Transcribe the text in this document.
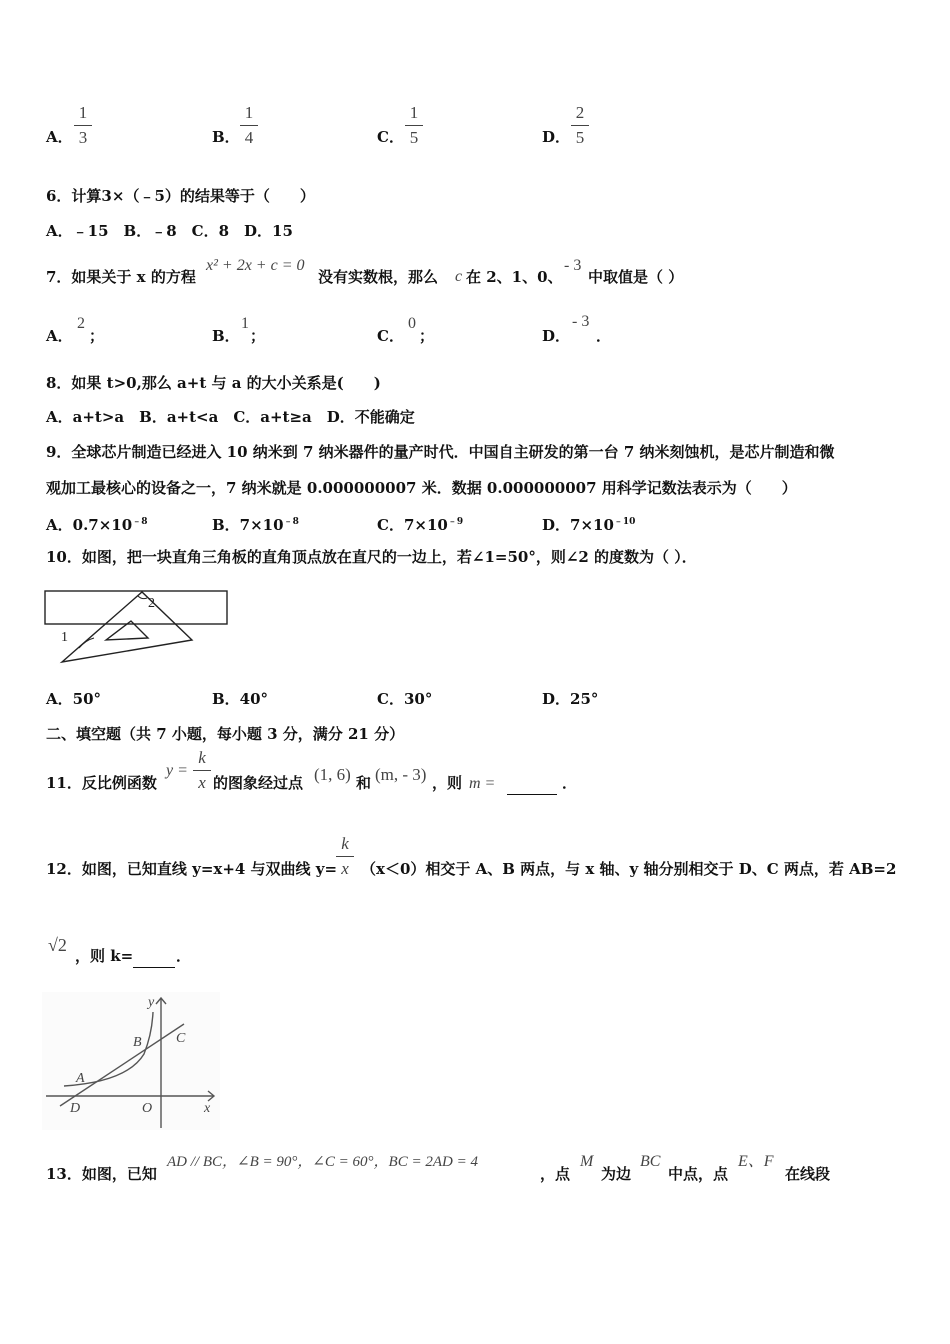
A．
1
3	B．
1
4	C．
1
5	D．
2
5
6．计算3×（﹣5）的结果等于（　　）
A．﹣15　B．﹣8　C．8　D．15
7．如果关于 x 的方程
x² + 2x + c = 0
没有实数根，那么 c 在 2、1、0、
- 3
中取值是（ ）
A．
2
；	B．
1
；	C．
0
；	D．
- 3
．
8．如果 t>0,那么 a+t 与 a 的大小关系是(　　)
A．a+t>a　B．a+t<a　C．a+t≥a　D．不能确定
9．全球芯片制造已经进入 10 纳米到 7 纳米器件的量产时代．中国自主研发的第一台 7 纳米刻蚀机，是芯片制造和微
观加工最核心的设备之一，7 纳米就是 0.000000007 米．数据 0.000000007 用科学记数法表示为（　　）
A．$0.7\times 10^{﹣8}$	B．$7\times 10^{﹣8}$	C．$7\times 10^{﹣9}$	D．$7\times 10^{﹣10}$
10．如图，把一块直角三角板的直角顶点放在直尺的一边上，若∠1=50°，则∠2 的度数为（ ）．
1
2
A．50°	B．40°	C．30°	D．25°
二、填空题（共 7 小题，每小题 3 分，满分 21 分）
11．反比例函数
y =
k
x 的图象经过点 (1, 6) 和 (m, - 3) ，则 m =
	．
12．如图，已知直线 y=x+4 与双曲线 y=
k
x （x＜0）相交于 A、B 两点，与 x 轴、y 轴分别相交于 D、C 两点，若 AB=2
√2
，则 k=
	．
y
x
A
B C
D	O
13．如图，已知
AD // BC，∠B = 90°，∠C = 60°，BC = 2AD = 4
，点
M
为边
BC
中点，点
E、F
在线段
